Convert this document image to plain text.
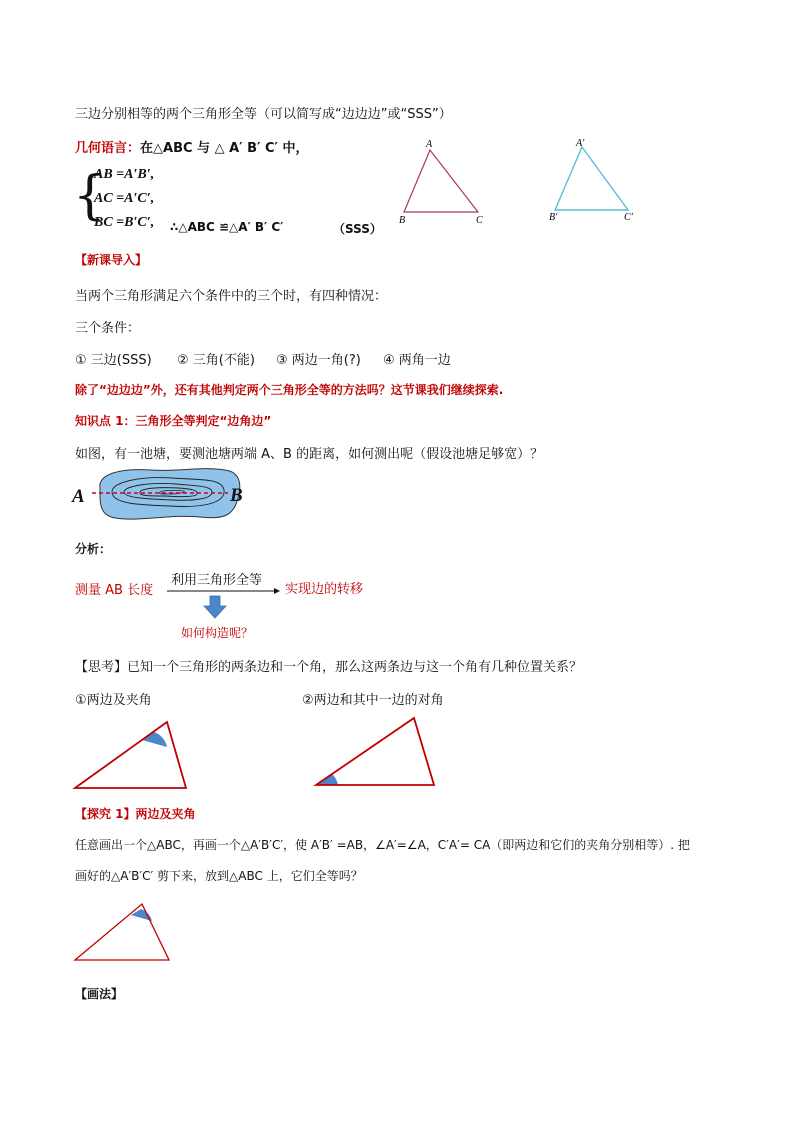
三边分别相等的两个三角形全等（可以简写成“边边边”或“SSS”）
几何语言：在△ABC 与 △ A′ B′ C′ 中，
{
AB =A′B′,
AC =A′C′,
BC =B′C′, ∴△ABC ≌△A′ B′ C′	（SSS）
A
B	C
A′
B′	C′
【新课导入】
当两个三角形满足六个条件中的三个时，有四种情况：
三个条件：
① 三边(SSS) ② 三角(不能) ③ 两边一角(?) ④ 两角一边
除了“边边边”外，还有其他判定两个三角形全等的方法吗？这节课我们继续探索.
知识点 1：三角形全等判定“边角边”
如图，有一池塘，要测池塘两端 A、B 的距离，如何测出呢（假设池塘足够宽）？
A	B
分析：
测量 AB 长度
利用三角形全等
实现边的转移
如何构造呢？
【思考】已知一个三角形的两条边和一个角，那么这两条边与这一个角有几种位置关系？
①两边及夹角	②两边和其中一边的对角
【探究 1】两边及夹角
任意画出一个△ABC，再画一个△A′B′C′，使 A′B′ =AB，∠A′=∠A，C′A′= CA（即两边和它们的夹角分别相等）. 把
画好的△A′B′C′ 剪下来，放到△ABC 上，它们全等吗？
【画法】
